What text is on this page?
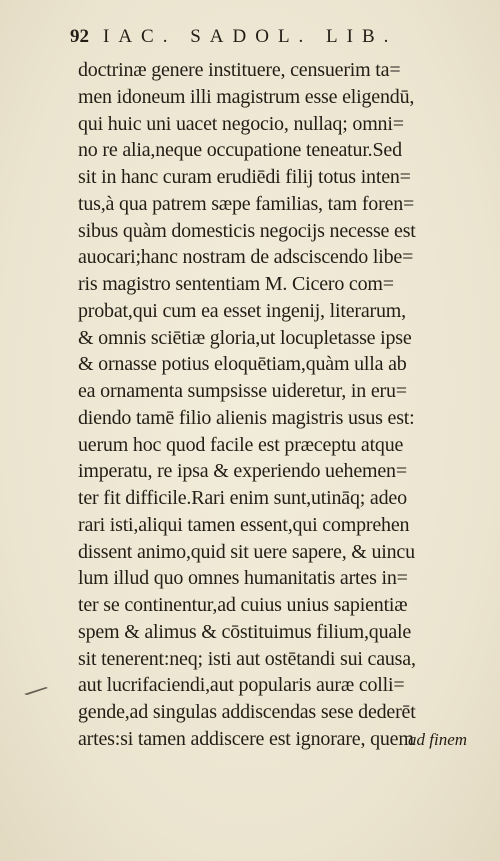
92 IAC. SADOL. LIB.
doctrinæ genere instituere, censuerim ta=
men idoneum illi magistrum esse eligendū,
qui huic uni uacet negocio, nullaq; omni=
no re alia,neque occupatione teneatur.Sed
sit in hanc curam erudiēdi filij totus inten=
tus,à qua patrem sæpe familias, tam foren=
sibus quàm domesticis negocijs necesse est
auocari;hanc nostram de adsciscendo libe=
ris magistro sententiam M. Cicero com=
probat,qui cum ea esset ingenij, literarum,
& omnis sciētiæ gloria,ut locupletasse ipse
& ornasse potius eloquētiam,quàm ulla ab
ea ornamenta sumpsisse uideretur, in eru=
diendo tamē filio alienis magistris usus est:
uerum hoc quod facile est præceptu atque
imperatu, re ipsa & experiendo uehemen=
ter fit difficile.Rari enim sunt,utināq; adeo
rari isti,aliqui tamen essent,qui comprehen
dissent animo,quid sit uere sapere, & uincu
lum illud quo omnes humanitatis artes in=
ter se continentur,ad cuius unius sapientiæ
spem & alimus & cōstituimus filium,quale
sit tenerent:neq; isti aut ostētandi sui causa,
aut lucrifaciendi,aut popularis auræ colli=
gende,ad singulas addiscendas sese dederēt
artes:si tamen addiscere est ignorare, quem
ad finem
